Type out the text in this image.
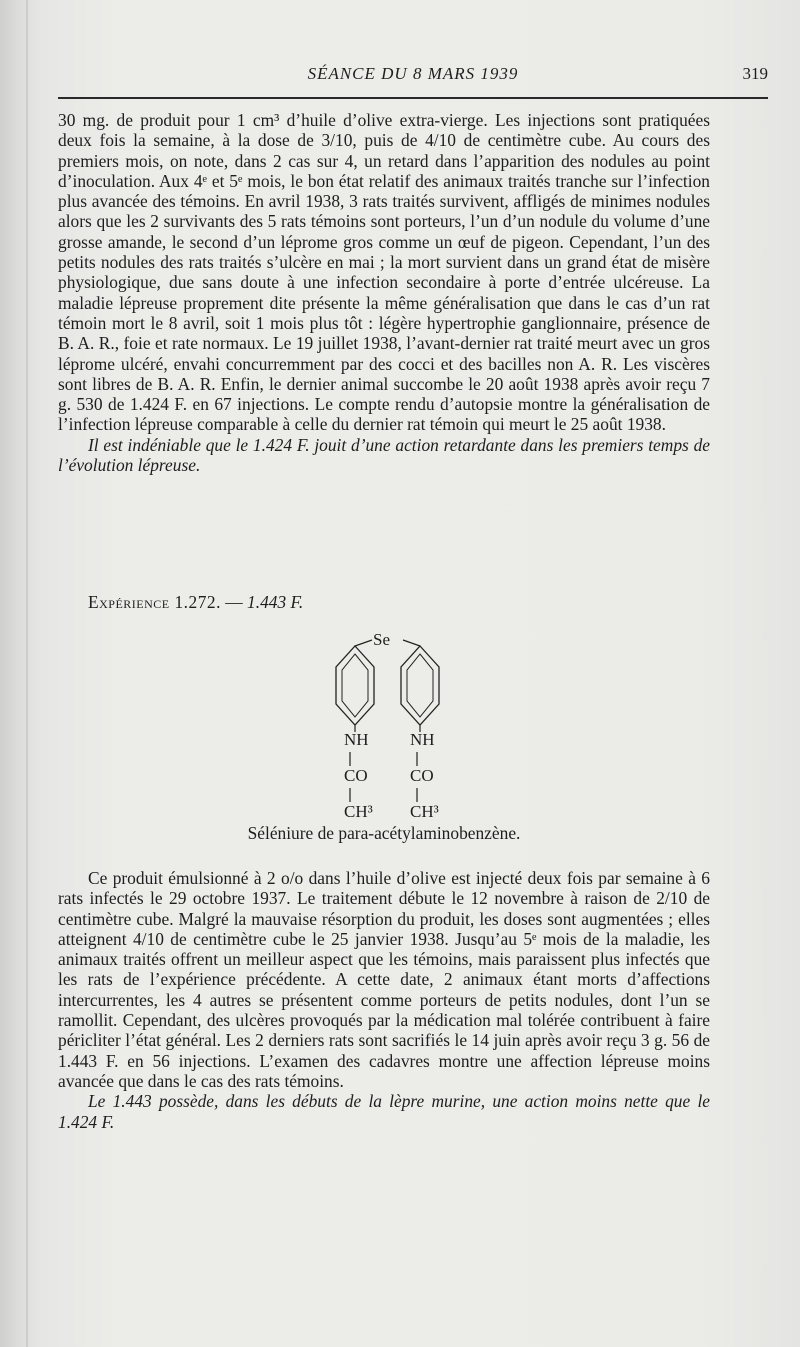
SÉANCE DU 8 MARS 1939	319

30 mg. de produit pour 1 cm³ d’huile d’olive extra-vierge. Les injections sont pratiquées deux fois la semaine, à la dose de 3/10, puis de 4/10 de centimètre cube. Au cours des premiers mois, on note, dans 2 cas sur 4, un retard dans l’apparition des nodules au point d’inoculation. Aux 4ᵉ et 5ᵉ mois, le bon état relatif des animaux traités tranche sur l’infection plus avancée des témoins. En avril 1938, 3 rats traités survivent, affligés de minimes nodules alors que les 2 survivants des 5 rats témoins sont porteurs, l’un d’un nodule du volume d’une grosse amande, le second d’un léprome gros comme un œuf de pigeon. Cependant, l’un des petits nodules des rats traités s’ulcère en mai ; la mort survient dans un grand état de misère physiologique, due sans doute à une infection secondaire à porte d’entrée ulcéreuse. La maladie lépreuse proprement dite présente la même généralisation que dans le cas d’un rat témoin mort le 8 avril, soit 1 mois plus tôt : légère hypertrophie ganglionnaire, présence de B. A. R., foie et rate normaux. Le 19 juillet 1938, l’avant-dernier rat traité meurt avec un gros léprome ulcéré, envahi concurremment par des cocci et des bacilles non A. R. Les viscères sont libres de B. A. R. Enfin, le dernier animal succombe le 20 août 1938 après avoir reçu 7 g. 530 de 1.424 F. en 67 injections. Le compte rendu d’autopsie montre la généralisation de l’infection lépreuse comparable à celle du dernier rat témoin qui meurt le 25 août 1938.

Il est indéniable que le 1.424 F. jouit d’une action retardante dans les premiers temps de l’évolution lépreuse.

Expérience 1.272. — 1.443 F.
Se
NH NH
CO CO
CH³ CH³
Séléniure de para-acétylaminobenzène.

Ce produit émulsionné à 2 o/o dans l’huile d’olive est injecté deux fois par semaine à 6 rats infectés le 29 octobre 1937. Le traitement débute le 12 novembre à raison de 2/10 de centimètre cube. Malgré la mauvaise résorption du produit, les doses sont augmentées ; elles atteignent 4/10 de centimètre cube le 25 janvier 1938. Jusqu’au 5ᵉ mois de la maladie, les animaux traités offrent un meilleur aspect que les témoins, mais paraissent plus infectés que les rats de l’expérience précédente. A cette date, 2 animaux étant morts d’affections intercurrentes, les 4 autres se présentent comme porteurs de petits nodules, dont l’un se ramollit. Cependant, des ulcères provoqués par la médication mal tolérée contribuent à faire péricliter l’état général. Les 2 derniers rats sont sacrifiés le 14 juin après avoir reçu 3 g. 56 de 1.443 F. en 56 injections. L’examen des cadavres montre une affection lépreuse moins avancée que dans le cas des rats témoins.

Le 1.443 possède, dans les débuts de la lèpre murine, une action moins nette que le 1.424 F.
